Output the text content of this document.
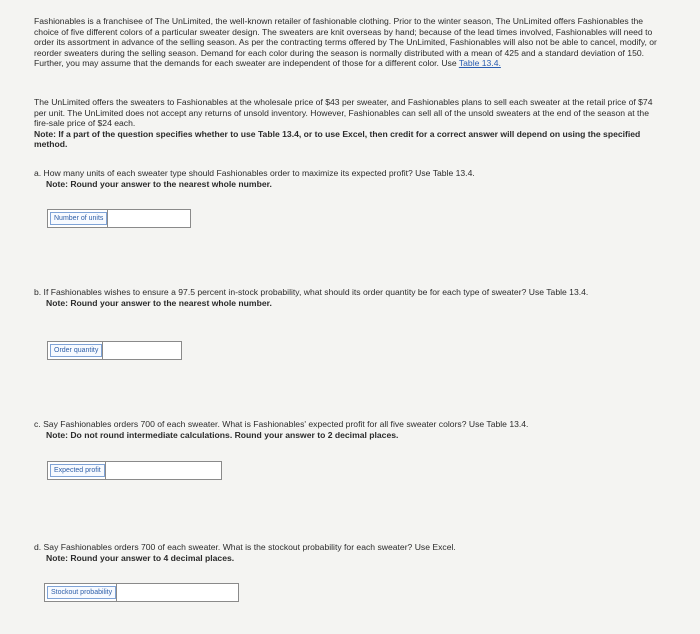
Fashionables is a franchisee of The UnLimited, the well-known retailer of fashionable clothing. Prior to the winter season, The UnLimited offers Fashionables the choice of five different colors of a particular sweater design. The sweaters are knit overseas by hand; because of the lead times involved, Fashionables will need to order its assortment in advance of the selling season. As per the contracting terms offered by The UnLimited, Fashionables will also not be able to cancel, modify, or reorder sweaters during the selling season. Demand for each color during the season is normally distributed with a mean of 425 and a standard deviation of 150. Further, you may assume that the demands for each sweater are independent of those for a different color. Use Table 13.4.

The UnLimited offers the sweaters to Fashionables at the wholesale price of $43 per sweater, and Fashionables plans to sell each sweater at the retail price of $74 per unit. The UnLimited does not accept any returns of unsold inventory. However, Fashionables can sell all of the unsold sweaters at the end of the season at the fire-sale price of $24 each.
Note: If a part of the question specifies whether to use Table 13.4, or to use Excel, then credit for a correct answer will depend on using the specified method.

a. How many units of each sweater type should Fashionables order to maximize its expected profit? Use Table 13.4.
Note: Round your answer to the nearest whole number.
Number of units
b. If Fashionables wishes to ensure a 97.5 percent in-stock probability, what should its order quantity be for each type of sweater? Use Table 13.4.
Note: Round your answer to the nearest whole number.
Order quantity
c. Say Fashionables orders 700 of each sweater. What is Fashionables' expected profit for all five sweater colors? Use Table 13.4.
Note: Do not round intermediate calculations. Round your answer to 2 decimal places.
Expected profit
d. Say Fashionables orders 700 of each sweater. What is the stockout probability for each sweater? Use Excel.
Note: Round your answer to 4 decimal places.
Stockout probability
